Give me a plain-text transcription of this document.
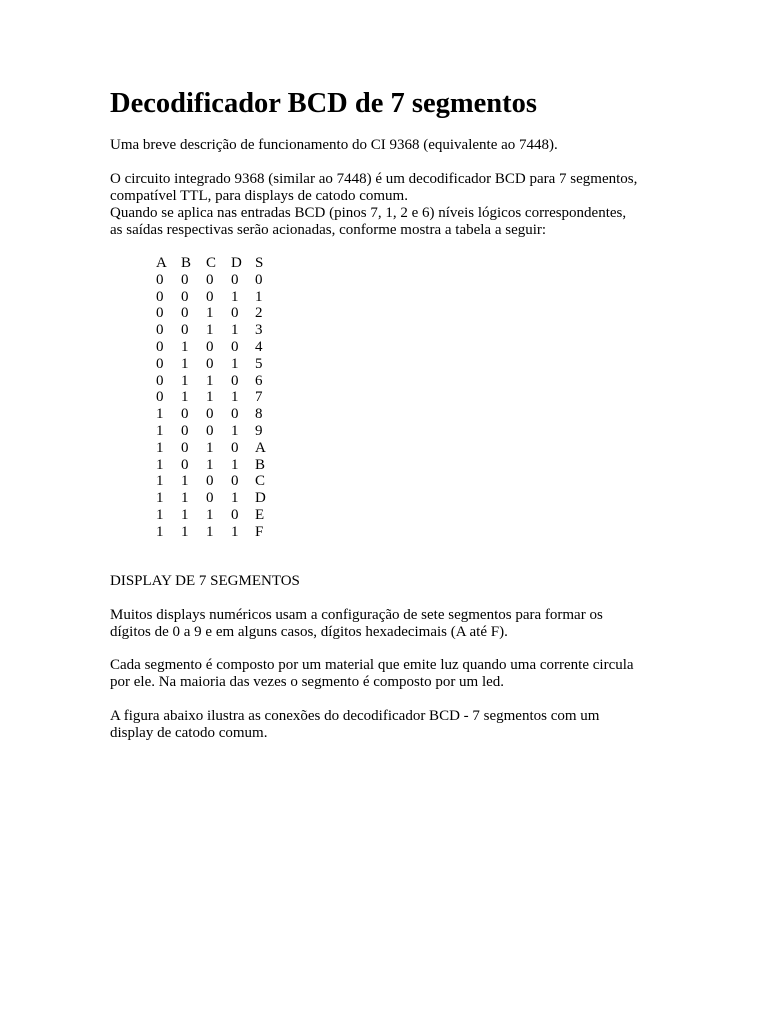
Decodificador BCD de 7 segmentos

Uma breve descrição de funcionamento do CI 9368 (equivalente ao 7448).

O circuito integrado 9368 (similar ao 7448) é um decodificador BCD para 7 segmentos,
compatível TTL, para displays de catodo comum.
Quando se aplica nas entradas BCD (pinos 7, 1, 2 e 6) níveis lógicos correspondentes,
as saídas respectivas serão acionadas, conforme mostra a tabela a seguir:

A	B	C	D	S
0	0	0	0	0
0	0	0	1	1
0	0	1	0	2
0	0	1	1	3
0	1	0	0	4
0	1	0	1	5
0	1	1	0	6
0	1	1	1	7
1	0	0	0	8
1	0	0	1	9
1	0	1	0	A
1	0	1	1	B
1	1	0	0	C
1	1	0	1	D
1	1	1	0	E
1	1	1	1	F

DISPLAY DE 7 SEGMENTOS

Muitos displays numéricos usam a configuração de sete segmentos para formar os
dígitos de 0 a 9 e em alguns casos, dígitos hexadecimais (A até F).

Cada segmento é composto por um material que emite luz quando uma corrente circula
por ele. Na maioria das vezes o segmento é composto por um led.

A figura abaixo ilustra as conexões do decodificador BCD - 7 segmentos com um
display de catodo comum.
